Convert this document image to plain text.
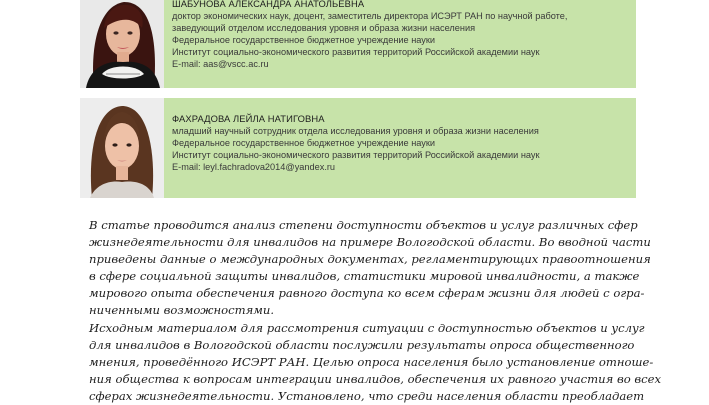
ШАБУНОВА АЛЕКСАНДРА АНАТОЛЬЕВНА
доктор экономических наук, доцент, заместитель директора ИСЭРТ РАН по научной работе,
заведующий отделом исследования уровня и образа жизни населения
Федеральное государственное бюджетное учреждение науки
Институт социально-экономического развития территорий Российской академии наук
E-mail: aas@vscc.ac.ru
ФАХРАДОВА ЛЕЙЛА НАТИГОВНА
младший научный сотрудник отдела исследования уровня и образа жизни населения
Федеральное государственное бюджетное учреждение науки
Институт социально-экономического развития территорий Российской академии наук
E-mail: leyl.fachradova2014@yandex.ru

В статье проводится анализ степени доступности объектов и услуг различных сфер
жизнедеятельности для инвалидов на примере Вологодской области. Во вводной части
приведены данные о международных документах, регламентирующих правоотношения
в сфере социальной защиты инвалидов, статистики мировой инвалидности, а также
мирового опыта обеспечения равного доступа ко всем сферам жизни для людей с огра-
ниченными возможностями.

Исходным материалом для рассмотрения ситуации с доступностью объектов и услуг
для инвалидов в Вологодской области послужили результаты опроса общественного
мнения, проведённого ИСЭРТ РАН. Целью опроса населения было установление отноше-
ния общества к вопросам интеграции инвалидов, обеспечения их равного участия во всех
сферах жизнедеятельности. Установлено, что среди населения области преобладает
